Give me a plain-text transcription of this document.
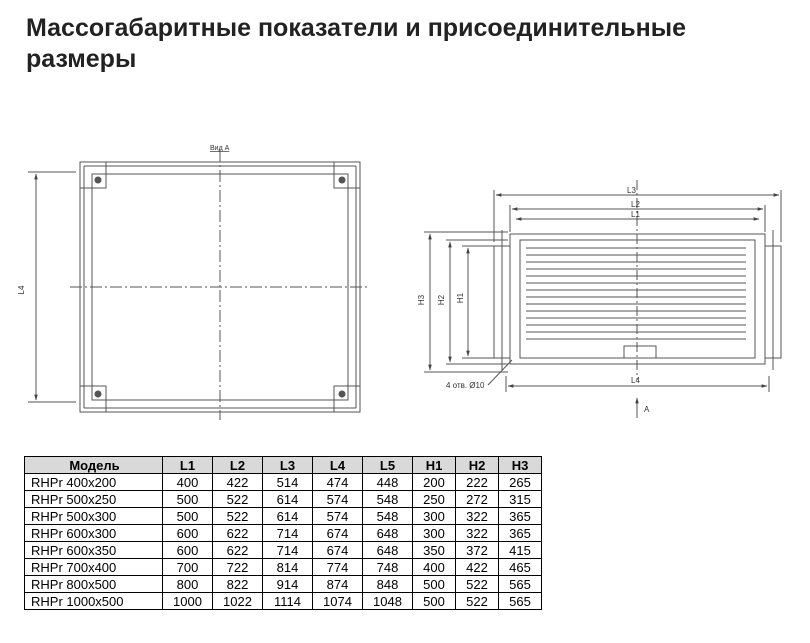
Массогабаритные показатели и присоединительные размеры
Вид А
L4
L3
L2
L1
H3 H2 H1
L4
4 отв. Ø10
A
Модель	L1	L2	L3	L4	L5	H1	H2	H3
RHPr 400x200	400	422	514	474	448	200	222	265
RHPr 500x250	500	522	614	574	548	250	272	315
RHPr 500x300	500	522	614	574	548	300	322	365
RHPr 600x300	600	622	714	674	648	300	322	365
RHPr 600x350	600	622	714	674	648	350	372	415
RHPr 700x400	700	722	814	774	748	400	422	465
RHPr 800x500	800	822	914	874	848	500	522	565
RHPr 1000x500	1000	1022	1114	1074	1048	500	522	565
